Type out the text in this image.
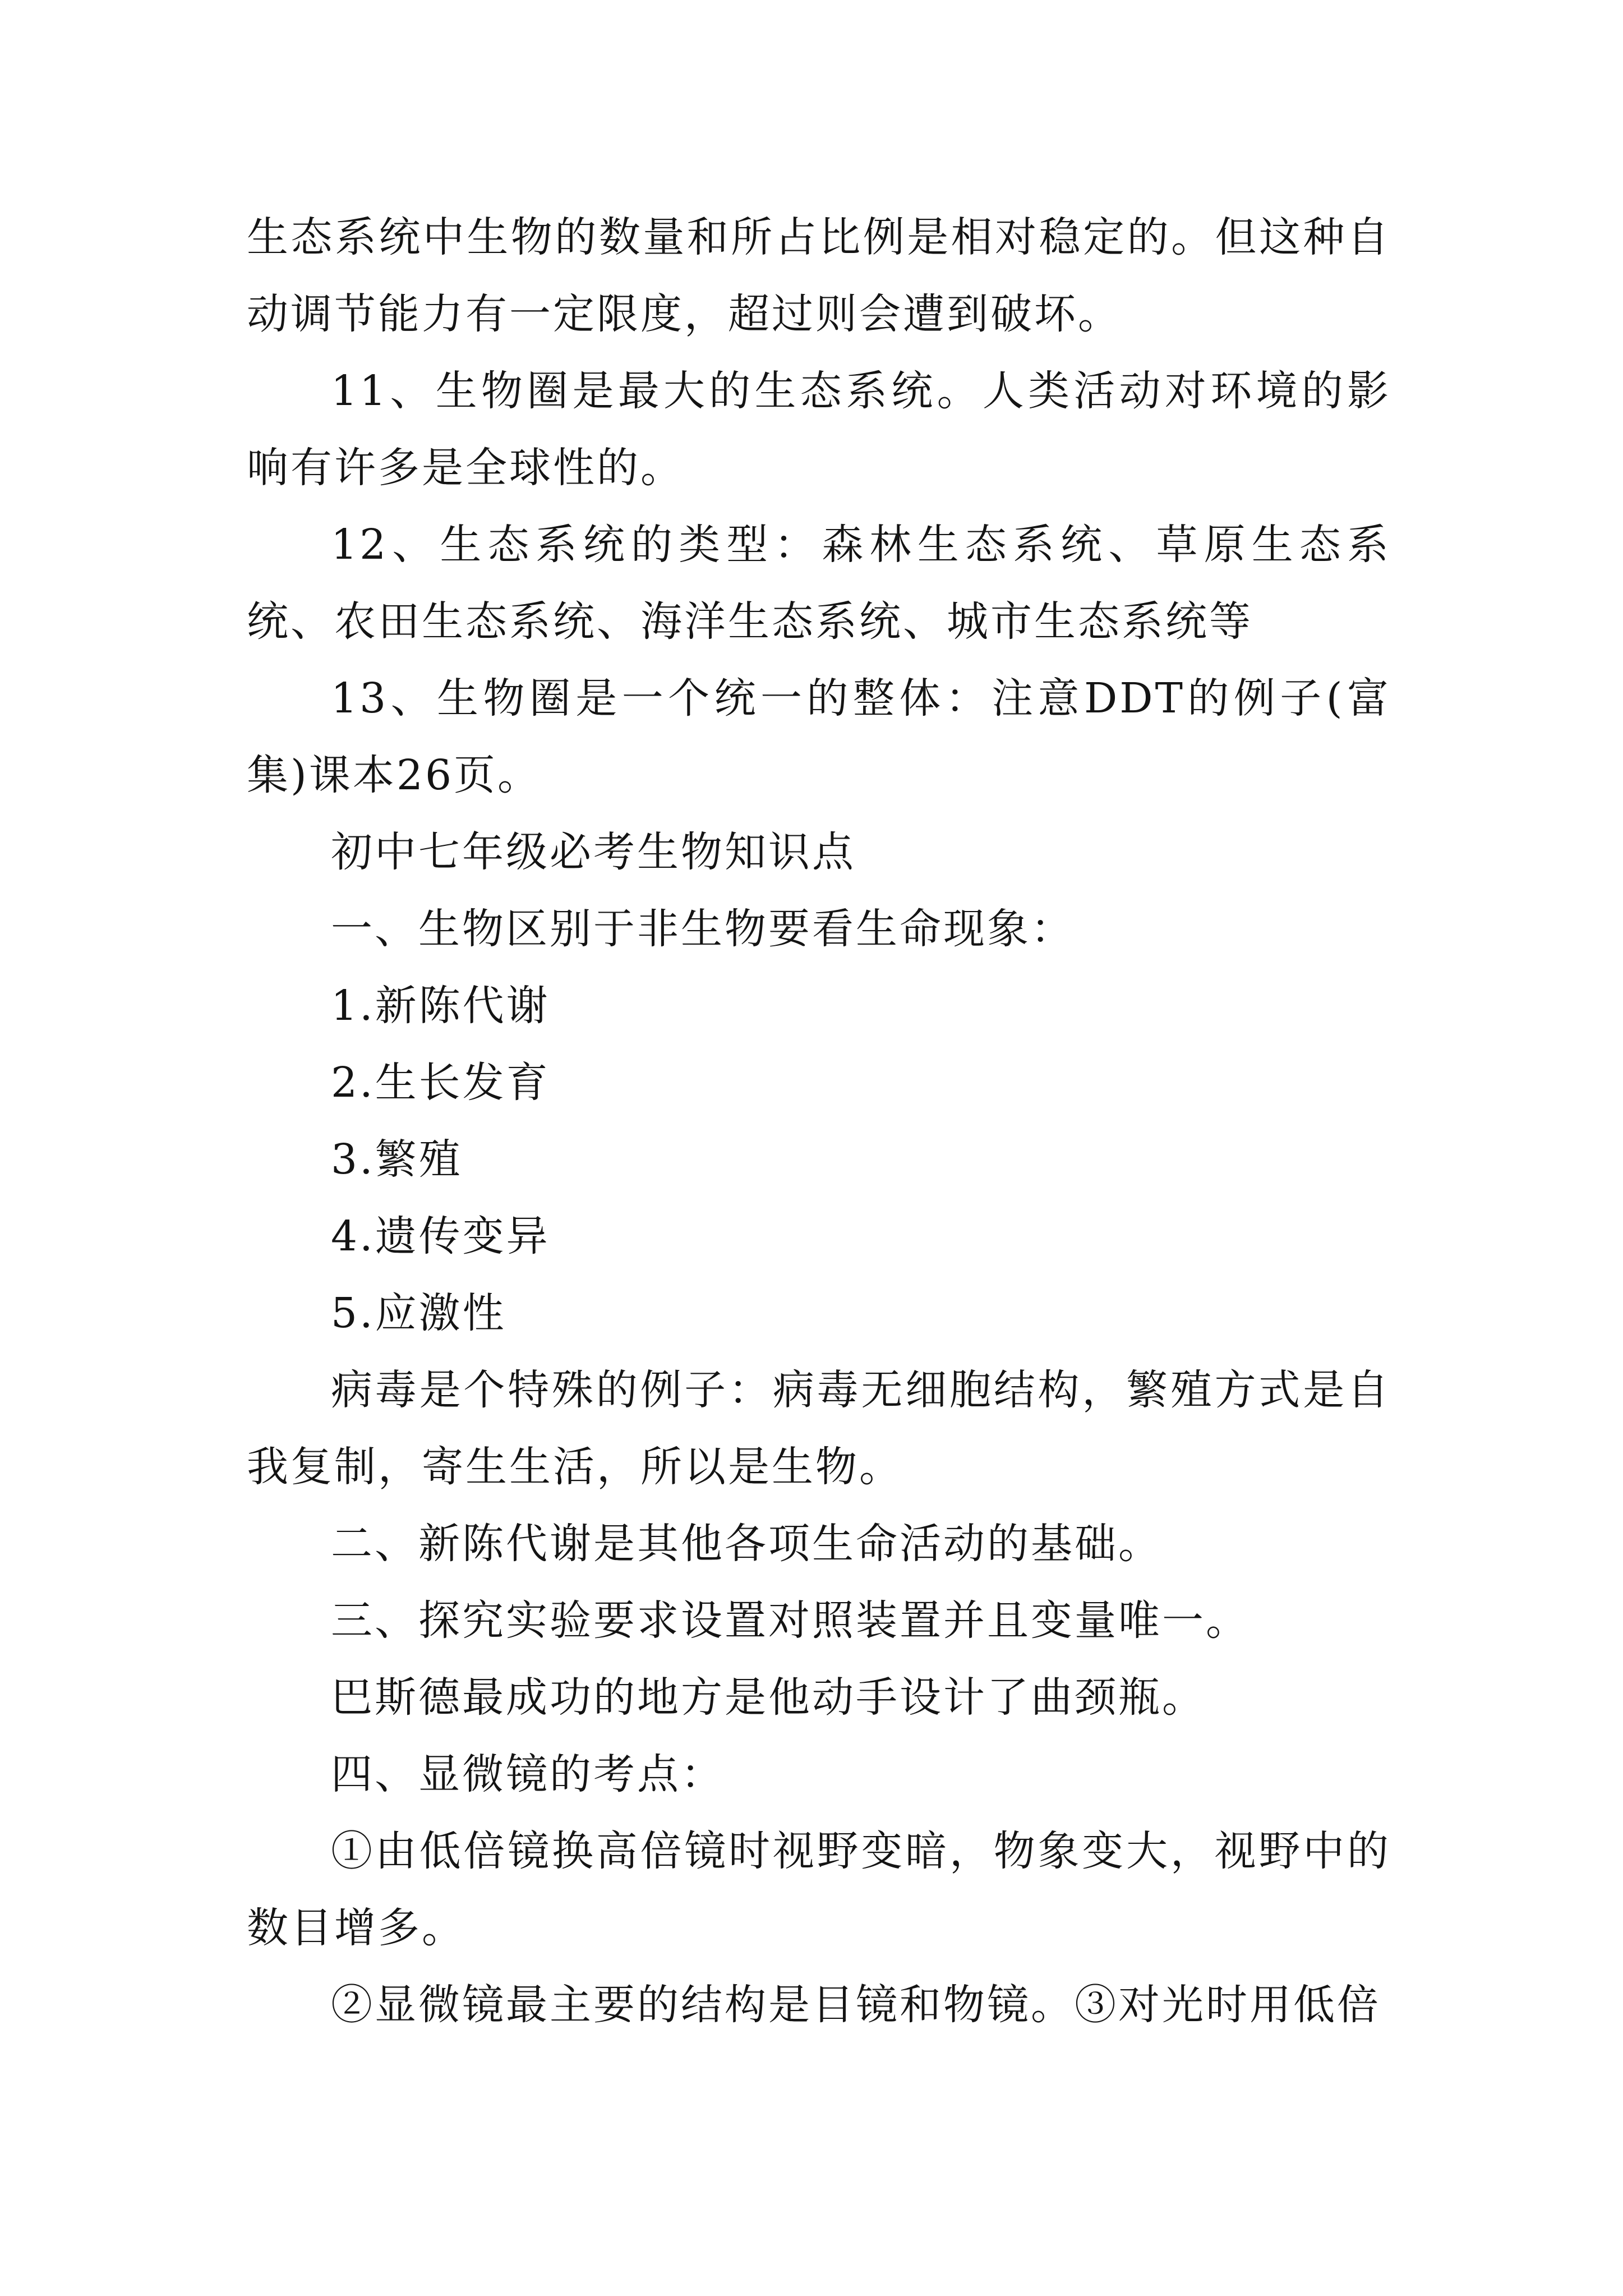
生态系统中生物的数量和所占比例是相对稳定的。但这种自动调节能力有一定限度，超过则会遭到破坏。

11、生物圈是最大的生态系统。人类活动对环境的影响有许多是全球性的。

12、生态系统的类型：森林生态系统、草原生态系统、农田生态系统、海洋生态系统、城市生态系统等

13、生物圈是一个统一的整体：注意DDT的例子(富集)课本26页。

初中七年级必考生物知识点

一、生物区别于非生物要看生命现象：

1.新陈代谢

2.生长发育

3.繁殖

4.遗传变异

5.应激性

病毒是个特殊的例子：病毒无细胞结构，繁殖方式是自我复制，寄生生活，所以是生物。

二、新陈代谢是其他各项生命活动的基础。

三、探究实验要求设置对照装置并且变量唯一。

巴斯德最成功的地方是他动手设计了曲颈瓶。

四、显微镜的考点：

①由低倍镜换高倍镜时视野变暗，物象变大，视野中的数目增多。

②显微镜最主要的结构是目镜和物镜。③对光时用低倍
